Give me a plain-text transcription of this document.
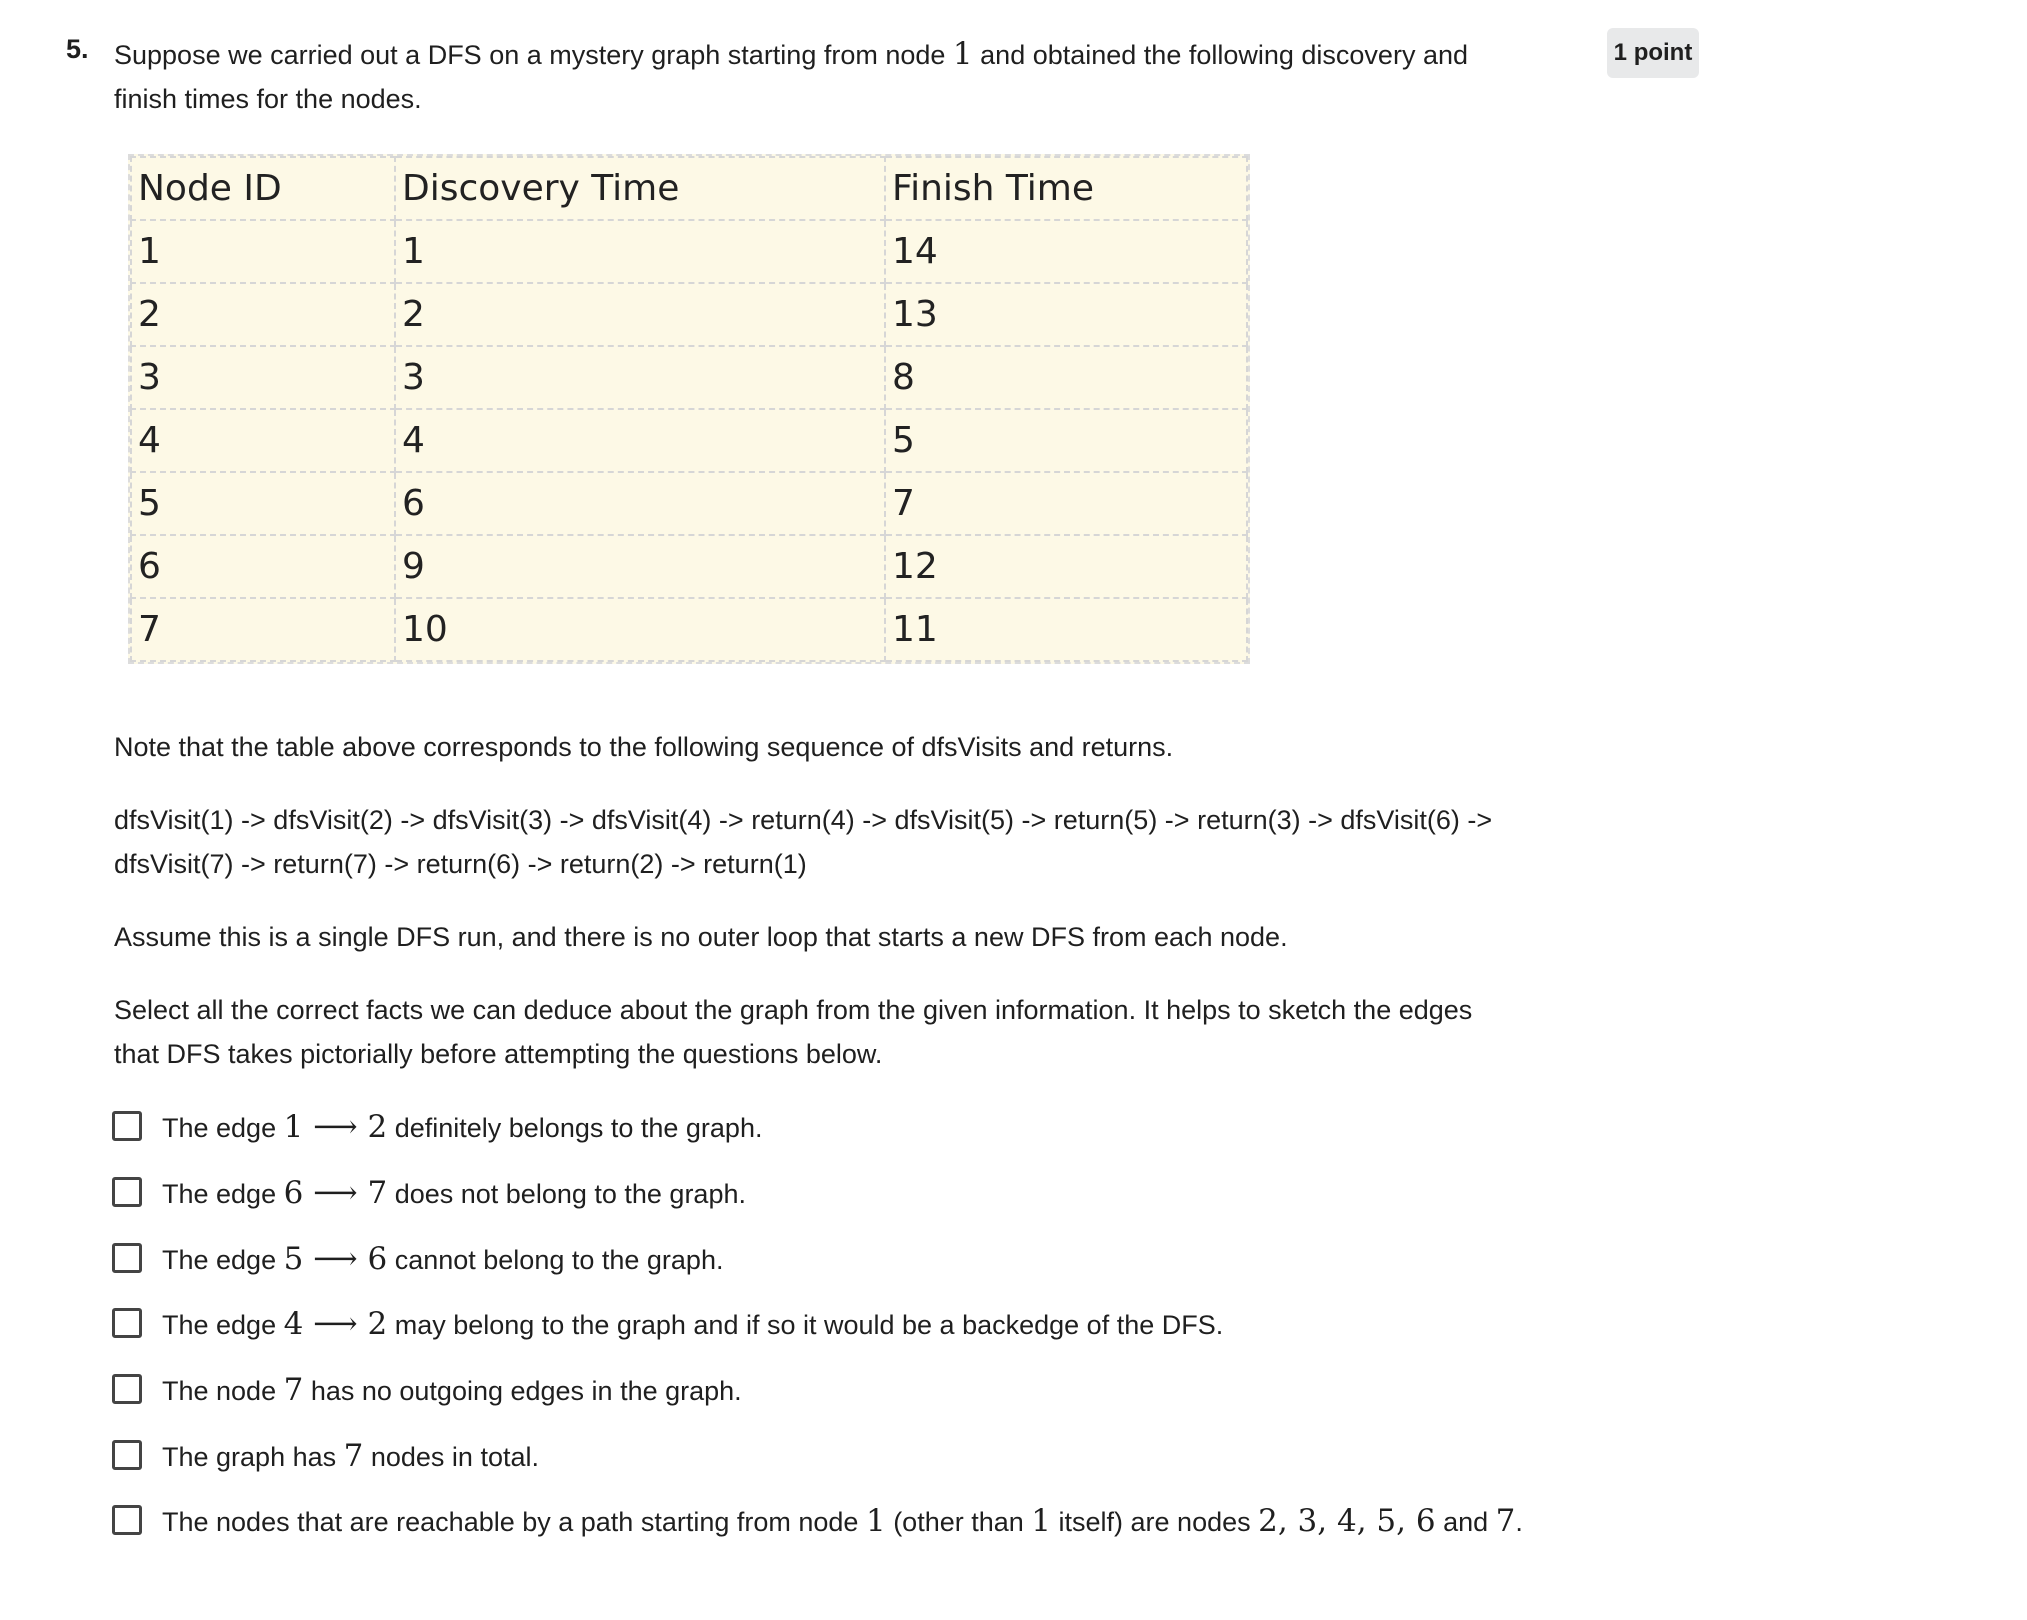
5. Suppose we carried out a DFS on a mystery graph starting from node 1 and obtained the following discovery and finish times for the nodes.
1 point
Node ID	Discovery Time	Finish Time
1	1	14
2	2	13
3	3	8
4	4	5
5	6	7
6	9	12
7	10	11
Note that the table above corresponds to the following sequence of dfsVisits and returns.
dfsVisit(1) -> dfsVisit(2) -> dfsVisit(3) -> dfsVisit(4) -> return(4) -> dfsVisit(5) -> return(5) -> return(3) -> dfsVisit(6) -> dfsVisit(7) -> return(7) -> return(6) -> return(2) -> return(1)
Assume this is a single DFS run, and there is no outer loop that starts a new DFS from each node.
Select all the correct facts we can deduce about the graph from the given information. It helps to sketch the edges that DFS takes pictorially before attempting the questions below.
The edge 1 ⟶ 2 definitely belongs to the graph.
The edge 6 ⟶ 7 does not belong to the graph.
The edge 5 ⟶ 6 cannot belong to the graph.
The edge 4 ⟶ 2 may belong to the graph and if so it would be a backedge of the DFS.
The node 7 has no outgoing edges in the graph.
The graph has 7 nodes in total.
The nodes that are reachable by a path starting from node 1 (other than 1 itself) are nodes 2, 3, 4, 5, 6 and 7.
